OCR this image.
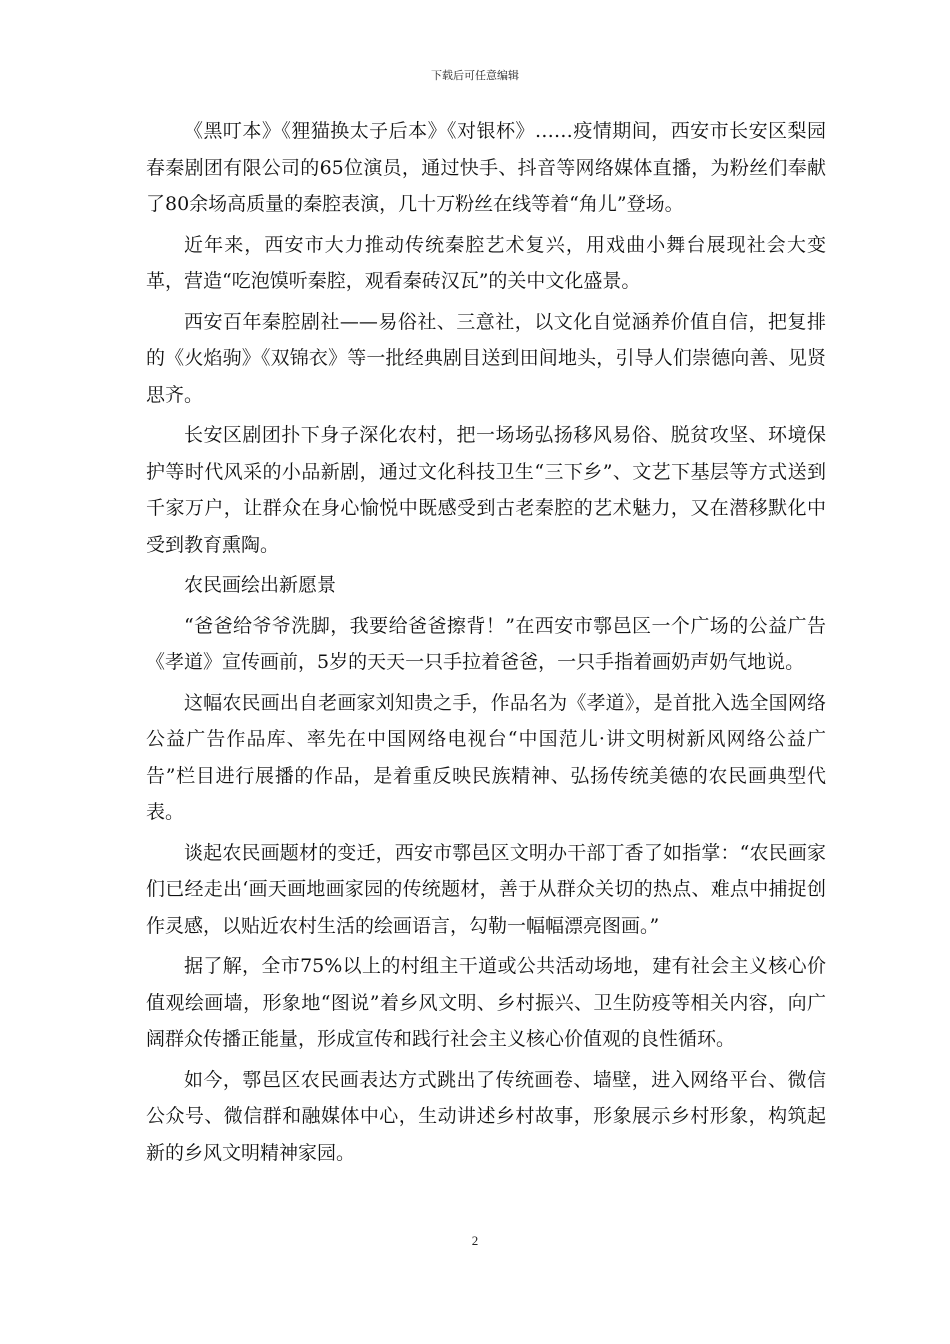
下载后可任意编辑

《黑叮本》《狸猫换太子后本》《对银杯》……疫情期间，西安市长安区梨园春秦剧团有限公司的65位演员，通过快手、抖音等网络媒体直播，为粉丝们奉献了80余场高质量的秦腔表演，几十万粉丝在线等着“角儿”登场。

近年来，西安市大力推动传统秦腔艺术复兴，用戏曲小舞台展现社会大变革，营造“吃泡馍听秦腔，观看秦砖汉瓦”的关中文化盛景。

西安百年秦腔剧社——易俗社、三意社，以文化自觉涵养价值自信，把复排的《火焰驹》《双锦衣》等一批经典剧目送到田间地头，引导人们崇德向善、见贤思齐。

长安区剧团扑下身子深化农村，把一场场弘扬移风易俗、脱贫攻坚、环境保护等时代风采的小品新剧，通过文化科技卫生“三下乡”、文艺下基层等方式送到千家万户，让群众在身心愉悦中既感受到古老秦腔的艺术魅力，又在潜移默化中受到教育熏陶。

农民画绘出新愿景

“爸爸给爷爷洗脚，我要给爸爸擦背！”在西安市鄠邑区一个广场的公益广告《孝道》宣传画前，5岁的天天一只手拉着爸爸，一只手指着画奶声奶气地说。

这幅农民画出自老画家刘知贵之手，作品名为《孝道》，是首批入选全国网络公益广告作品库、率先在中国网络电视台“中国范儿·讲文明树新风网络公益广告”栏目进行展播的作品，是着重反映民族精神、弘扬传统美德的农民画典型代表。

谈起农民画题材的变迁，西安市鄠邑区文明办干部丁香了如指掌：“农民画家们已经走出‘画天画地画家园的传统题材，善于从群众关切的热点、难点中捕捉创作灵感，以贴近农村生活的绘画语言，勾勒一幅幅漂亮图画。”

据了解，全市75%以上的村组主干道或公共活动场地，建有社会主义核心价值观绘画墙，形象地“图说”着乡风文明、乡村振兴、卫生防疫等相关内容，向广阔群众传播正能量，形成宣传和践行社会主义核心价值观的良性循环。

如今，鄠邑区农民画表达方式跳出了传统画卷、墙壁，进入网络平台、微信公众号、微信群和融媒体中心，生动讲述乡村故事，形象展示乡村形象，构筑起新的乡风文明精神家园。

2
